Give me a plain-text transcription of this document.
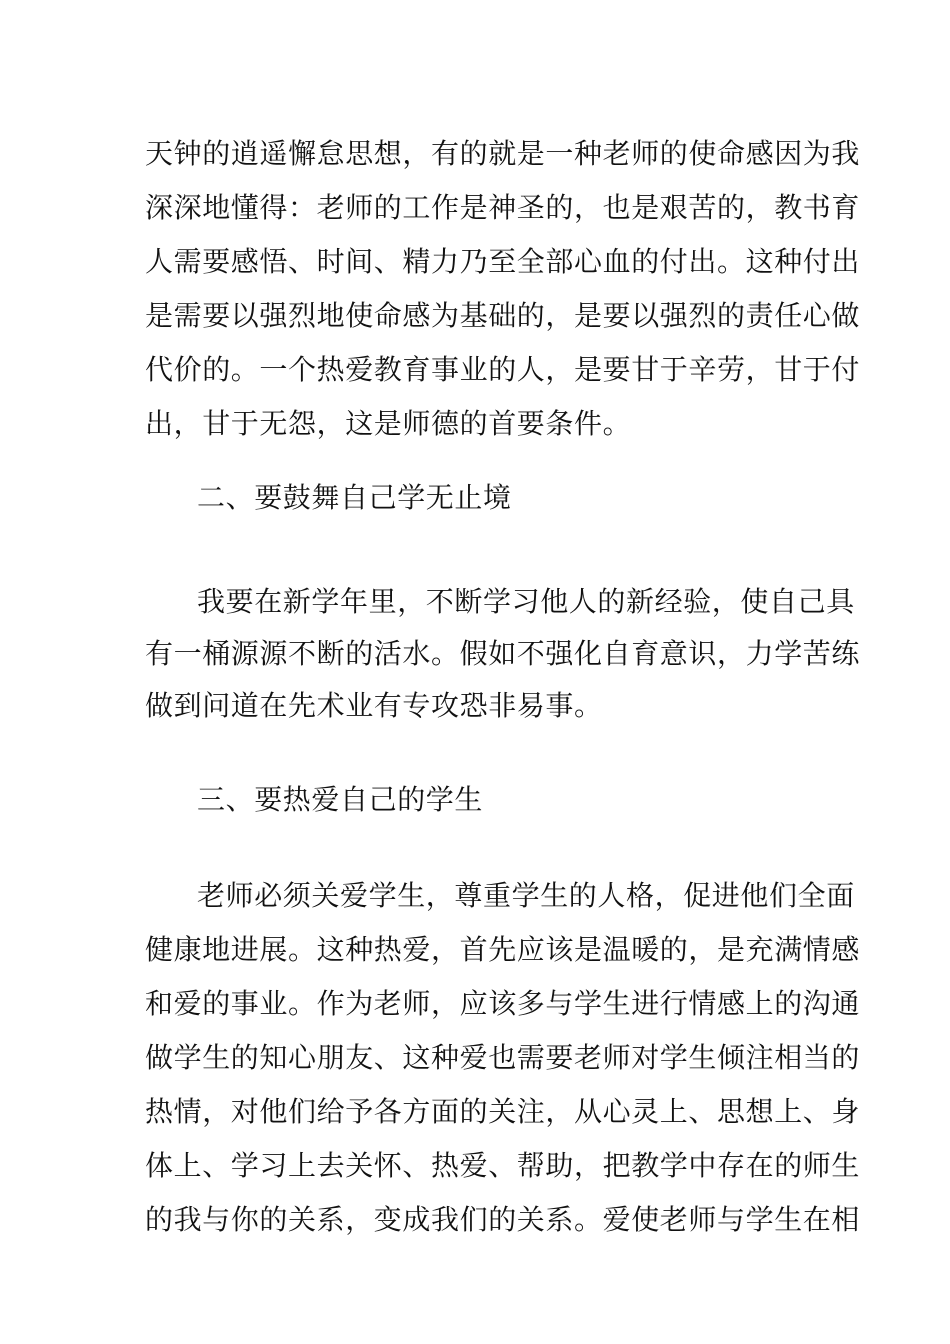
天钟的逍遥懈怠思想，有的就是一种老师的使命感因为我
深深地懂得：老师的工作是神圣的，也是艰苦的，教书育
人需要感悟、时间、精力乃至全部心血的付出。这种付出
是需要以强烈地使命感为基础的，是要以强烈的责任心做
代价的。一个热爱教育事业的人，是要甘于辛劳，甘于付
出，甘于无怨，这是师德的首要条件。
二、要鼓舞自己学无止境
我要在新学年里，不断学习他人的新经验，使自己具
有一桶源源不断的活水。假如不强化自育意识，力学苦练
做到问道在先术业有专攻恐非易事。
三、要热爱自己的学生
老师必须关爱学生，尊重学生的人格，促进他们全面
健康地进展。这种热爱，首先应该是温暖的，是充满情感
和爱的事业。作为老师，应该多与学生进行情感上的沟通
做学生的知心朋友、这种爱也需要老师对学生倾注相当的
热情，对他们给予各方面的关注，从心灵上、思想上、身
体上、学习上去关怀、热爱、帮助，把教学中存在的师生
的我与你的关系，变成我们的关系。爱使老师与学生在相
